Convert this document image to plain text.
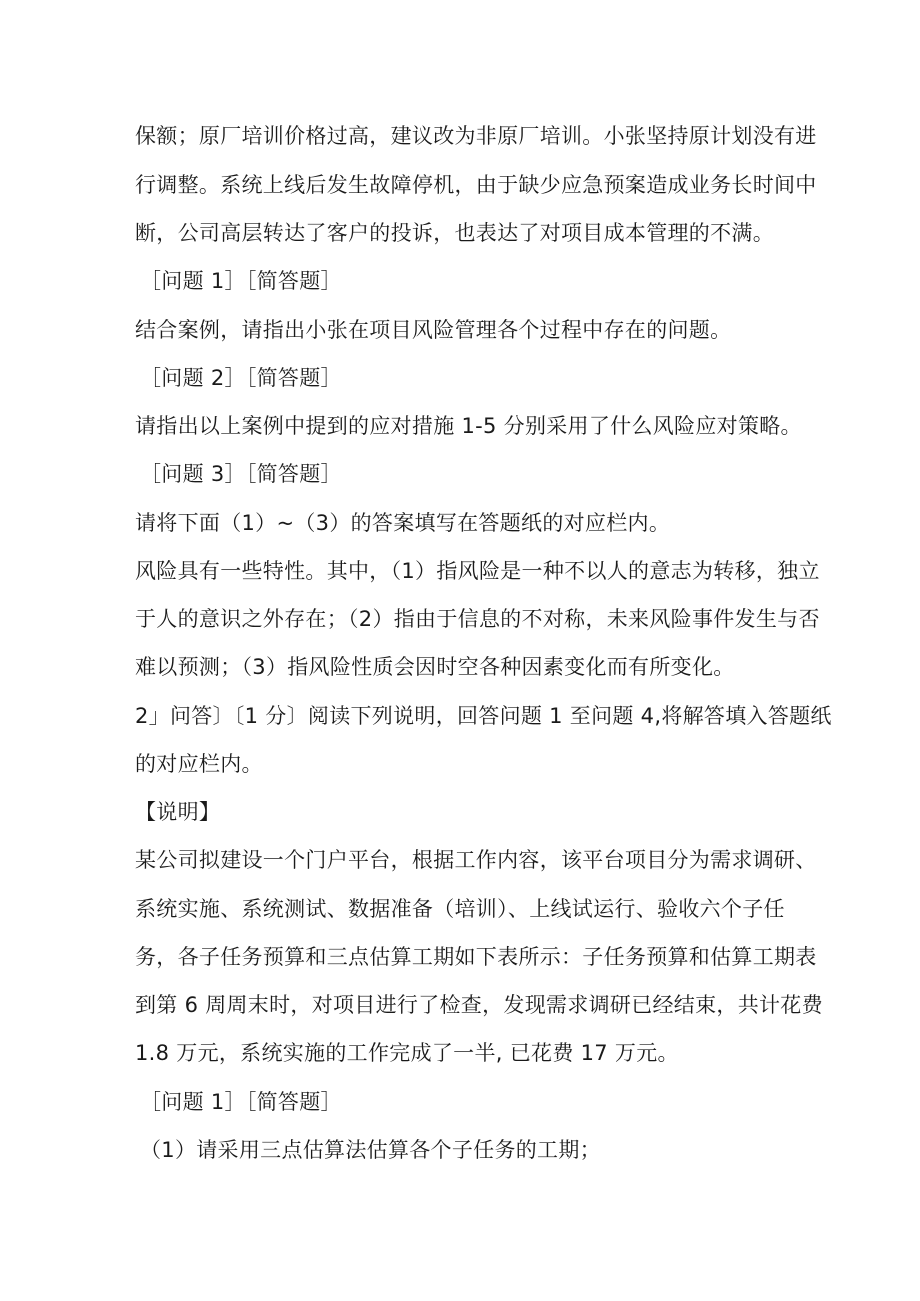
保额；原厂培训价格过高，建议改为非原厂培训。小张坚持原计划没有进

行调整。系统上线后发生故障停机，由于缺少应急预案造成业务长时间中

断，公司高层转达了客户的投诉，也表达了对项目成本管理的不满。

［问题 1］［简答题］

结合案例，请指出小张在项目风险管理各个过程中存在的问题。

［问题 2］［简答题］

请指出以上案例中提到的应对措施 1-5 分别采用了什么风险应对策略。

［问题 3］［简答题］

请将下面（1）~（3）的答案填写在答题纸的对应栏内。

风险具有一些特性。其中，（1）指风险是一种不以人的意志为转移，独立

于人的意识之外存在；（2）指由于信息的不对称，未来风险事件发生与否

难以预测；（3）指风险性质会因时空各种因素变化而有所变化。

2」问答〕〔1 分〕阅读下列说明，回答问题 1 至问题 4,将解答填入答题纸

的对应栏内。

【说明】

某公司拟建设一个门户平台，根据工作内容，该平台项目分为需求调研、

系统实施、系统测试、数据准备（培训）、上线试运行、验收六个子任

务，各子任务预算和三点估算工期如下表所示：子任务预算和估算工期表

到第 6 周周末时，对项目进行了检查，发现需求调研已经结束，共计花费

1.8 万元，系统实施的工作完成了一半, 已花费 17 万元。

［问题 1］［简答题］

（1）请采用三点估算法估算各个子任务的工期；
